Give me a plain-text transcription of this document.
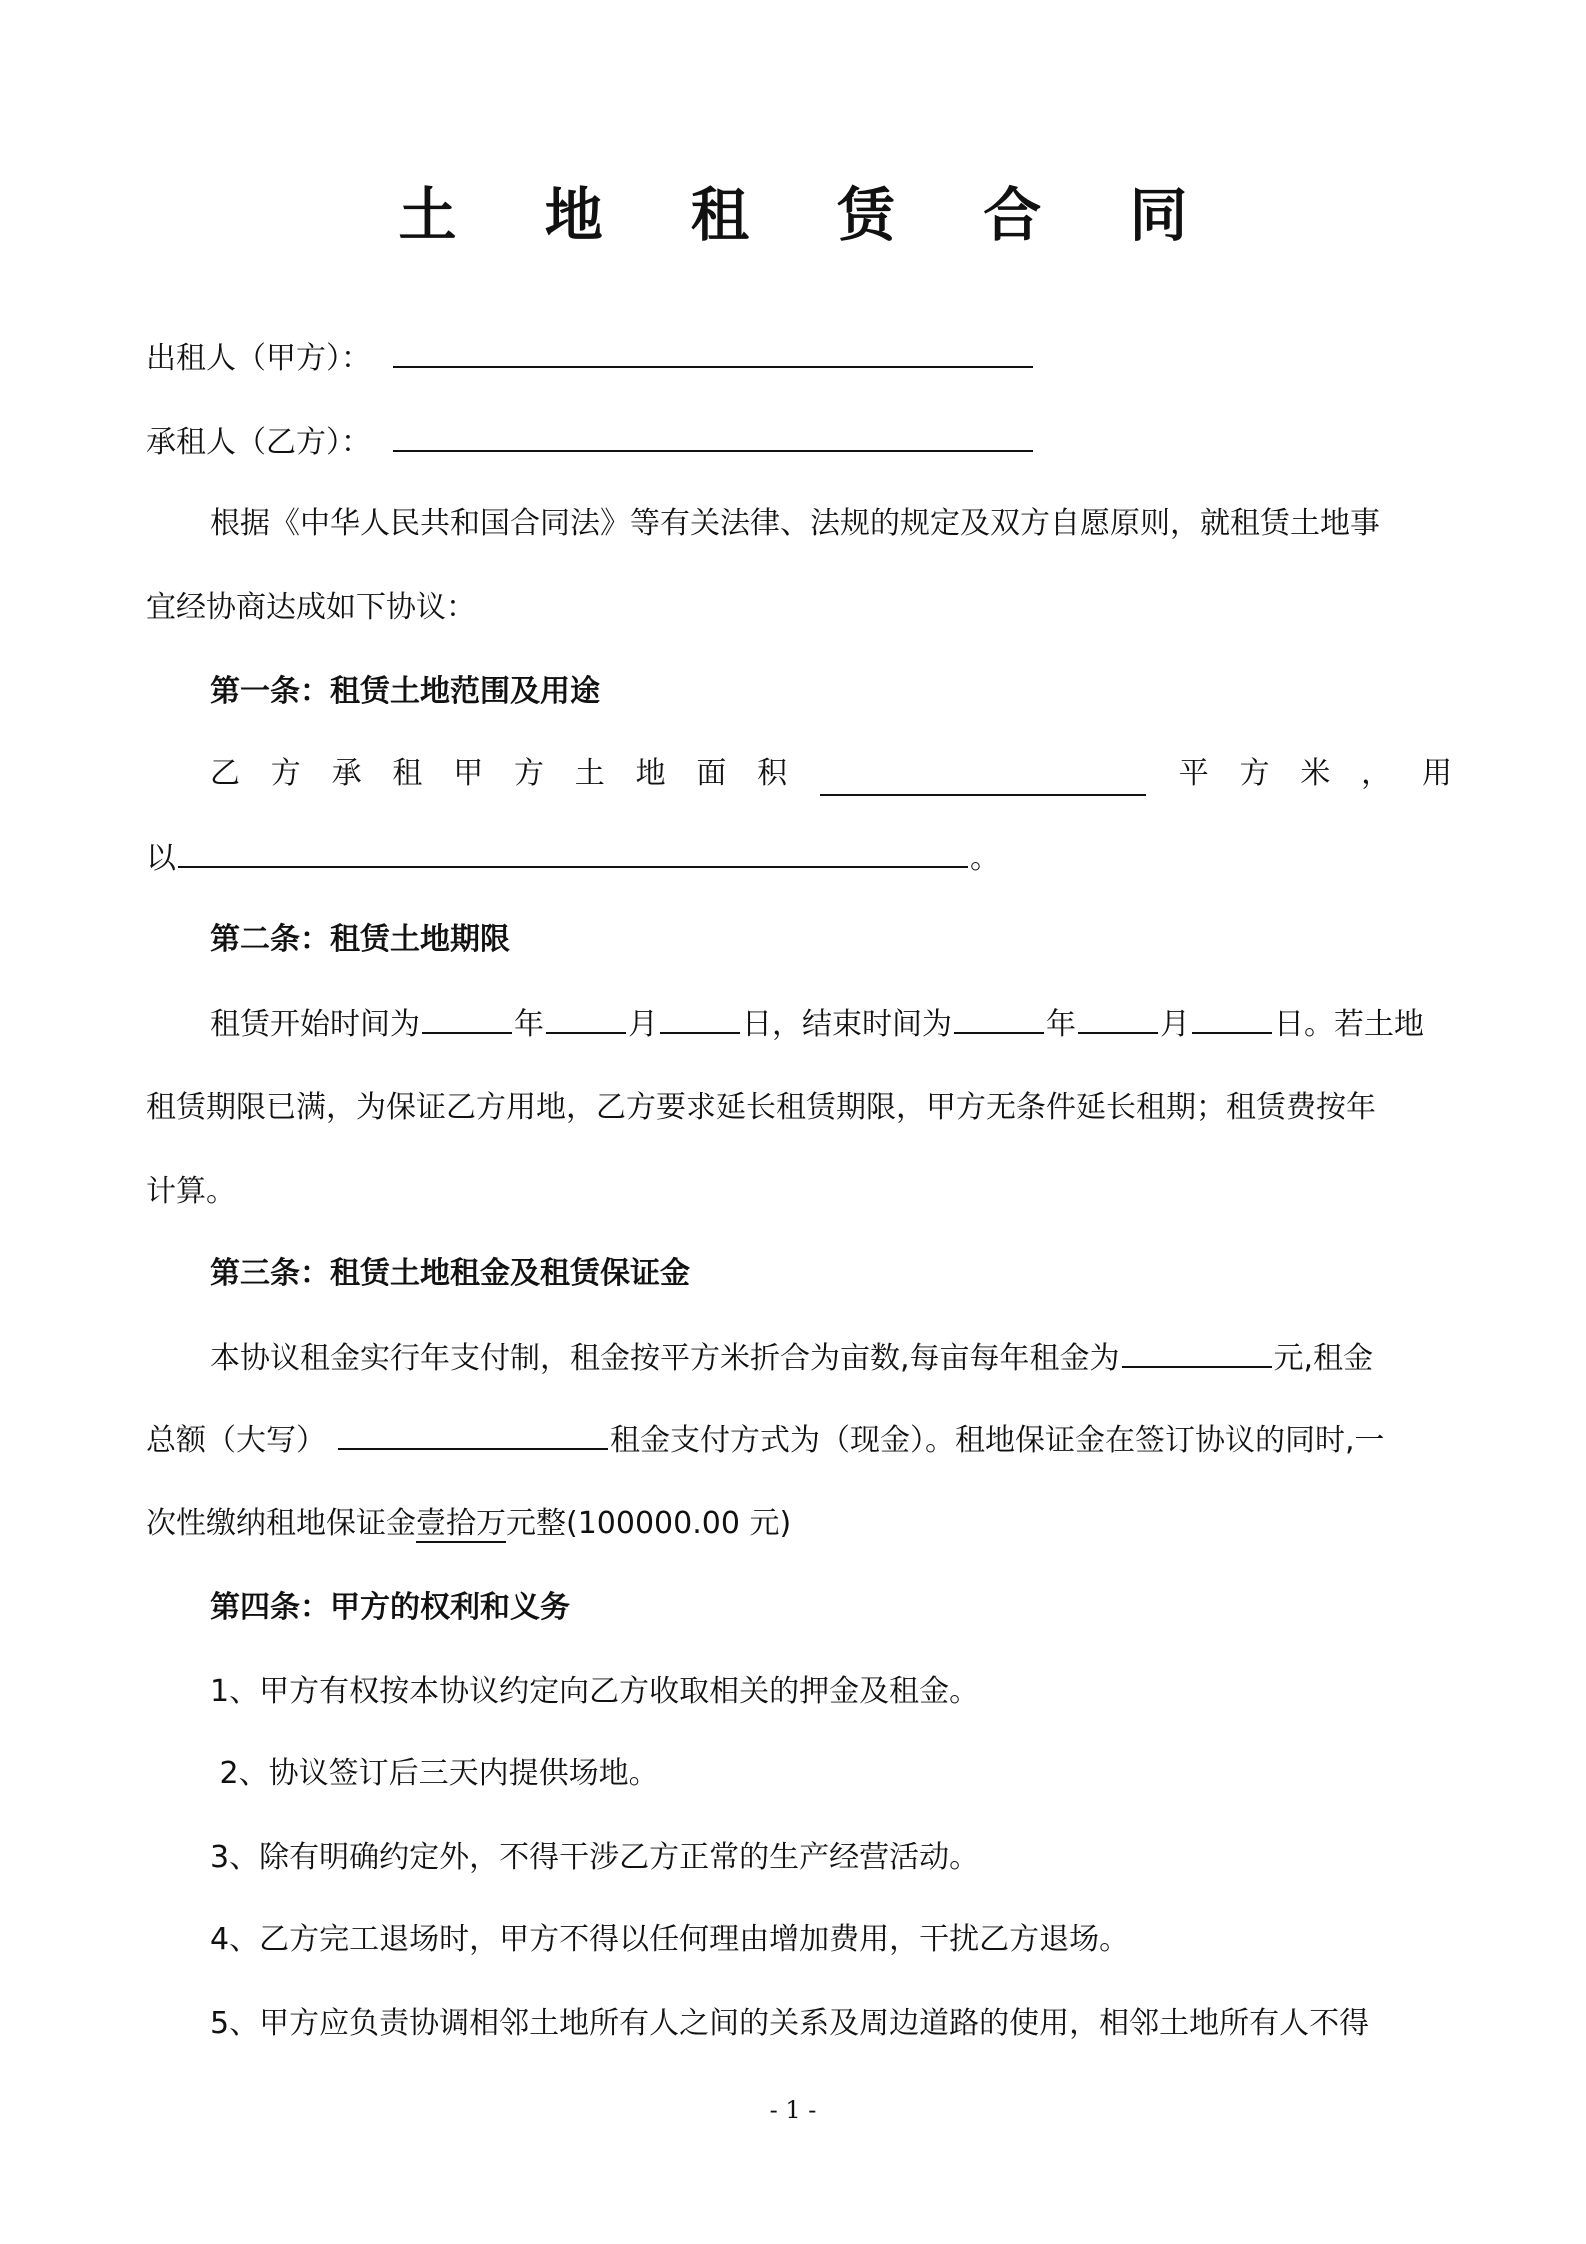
土 地 租 赁 合 同
出租人（甲方）：
承租人（乙方）：
根据《中华人民共和国合同法》等有关法律、法规的规定及双方自愿原则，就租赁土地事
宜经协商达成如下协议：
第一条：租赁土地范围及用途
乙 方 承 租 甲 方 土 地 面 积	平 方 米 ， 用
以	。
第二条：租赁土地期限
租赁开始时间为	年	月	日，结束时间为	年	月	日。若土地
租赁期限已满，为保证乙方用地，乙方要求延长租赁期限，甲方无条件延长租期；租赁费按年
计算。
第三条：租赁土地租金及租赁保证金
本协议租金实行年支付制，租金按平方米折合为亩数,每亩每年租金为	元,租金
总额（大写）	租金支付方式为（现金）。租地保证金在签订协议的同时,一
次性缴纳租地保证金壹拾万元整(100000.00 元)
第四条：甲方的权利和义务
1、甲方有权按本协议约定向乙方收取相关的押金及租金。
2、协议签订后三天内提供场地。
3、除有明确约定外，不得干涉乙方正常的生产经营活动。
4、乙方完工退场时，甲方不得以任何理由增加费用，干扰乙方退场。
5、甲方应负责协调相邻土地所有人之间的关系及周边道路的使用，相邻土地所有人不得
- 1 -
